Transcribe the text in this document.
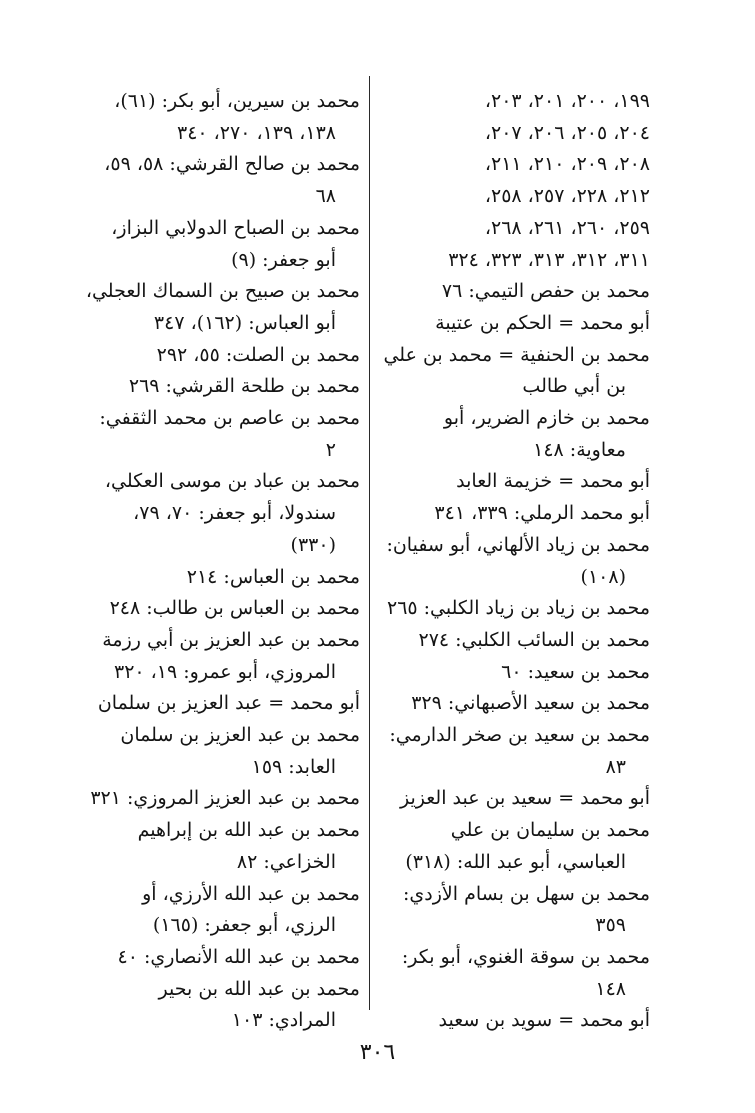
١٩٩، ٢٠٠، ٢٠١، ٢٠٣،

٢٠٤، ٢٠٥، ٢٠٦، ٢٠٧،

٢٠٨، ٢٠٩، ٢١٠، ٢١١،

٢١٢، ٢٢٨، ٢٥٧، ٢٥٨،

٢٥٩، ٢٦٠، ٢٦١، ٢٦٨،

٣١١، ٣١٢، ٣١٣، ٣٢٣، ٣٢٤

محمد بن حفص التيمي: ٧٦

أبو محمد = الحكم بن عتيبة

محمد بن الحنفية = محمد بن علي بن أبي طالب

محمد بن خازم الضرير، أبو معاوية: ١٤٨

أبو محمد = خزيمة العابد

أبو محمد الرملي: ٣٣٩، ٣٤١

محمد بن زياد الألهاني، أبو سفيان: (١٠٨)

محمد بن زياد بن زياد الكلبي: ٢٦٥

محمد بن السائب الكلبي: ٢٧٤

محمد بن سعيد: ٦٠

محمد بن سعيد الأصبهاني: ٣٢٩

محمد بن سعيد بن صخر الدارمي: ٨٣

أبو محمد = سعيد بن عبد العزيز

محمد بن سليمان بن علي العباسي، أبو عبد الله: (٣١٨)

محمد بن سهل بن بسام الأزدي: ٣٥٩

محمد بن سوقة الغنوي، أبو بكر: ١٤٨

أبو محمد = سويد بن سعيد

محمد بن سيرين، أبو بكر: (٦١)، ١٣٨، ١٣٩، ٢٧٠، ٣٤٠

محمد بن صالح القرشي: ٥٨، ٥٩، ٦٨

محمد بن الصباح الدولابي البزاز، أبو جعفر: (٩)

محمد بن صبيح بن السماك العجلي، أبو العباس: (١٦٢)، ٣٤٧

محمد بن الصلت: ٥٥، ٢٩٢

محمد بن طلحة القرشي: ٢٦٩

محمد بن عاصم بن محمد الثقفي: ٢

محمد بن عباد بن موسى العكلي، سندولا، أبو جعفر: ٧٠، ٧٩، (٣٣٠)

محمد بن العباس: ٢١٤

محمد بن العباس بن طالب: ٢٤٨

محمد بن عبد العزيز بن أبي رزمة المروزي، أبو عمرو: ١٩، ٣٢٠

أبو محمد = عبد العزيز بن سلمان

محمد بن عبد العزيز بن سلمان العابد: ١٥٩

محمد بن عبد العزيز المروزي: ٣٢١

محمد بن عبد الله بن إبراهيم الخزاعي: ٨٢

محمد بن عبد الله الأرزي، أو الرزي، أبو جعفر: (١٦٥)

محمد بن عبد الله الأنصاري: ٤٠

محمد بن عبد الله بن بحير المرادي: ١٠٣

٣٠٦
